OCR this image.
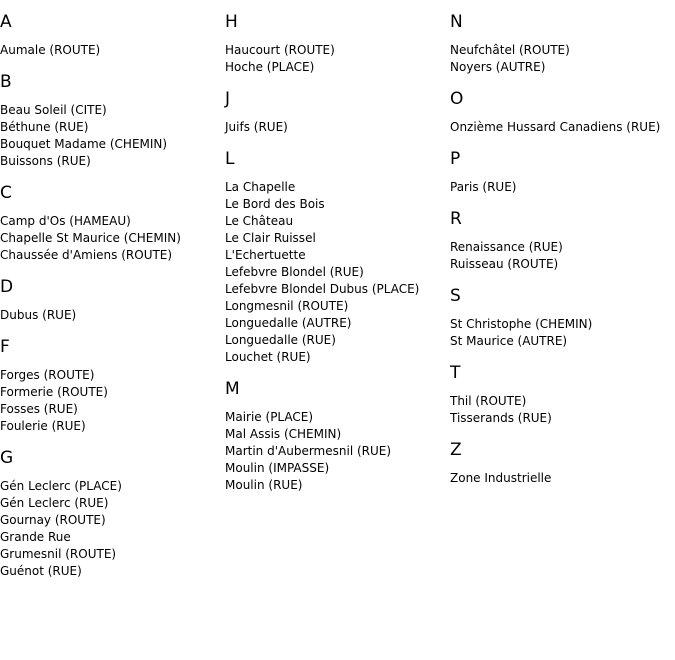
A
Aumale (ROUTE)
B
Beau Soleil (CITE)
Béthune (RUE)
Bouquet Madame (CHEMIN)
Buissons (RUE)
C
Camp d'Os (HAMEAU)
Chapelle St Maurice (CHEMIN)
Chaussée d'Amiens (ROUTE)
D
Dubus (RUE)
F
Forges (ROUTE)
Formerie (ROUTE)
Fosses (RUE)
Foulerie (RUE)
G
Gén Leclerc (PLACE)
Gén Leclerc (RUE)
Gournay (ROUTE)
Grande Rue
Grumesnil (ROUTE)
Guénot (RUE)
H
Haucourt (ROUTE)
Hoche (PLACE)
J
Juifs (RUE)
L
La Chapelle
Le Bord des Bois
Le Château
Le Clair Ruissel
L'Echertuette
Lefebvre Blondel (RUE)
Lefebvre Blondel Dubus (PLACE)
Longmesnil (ROUTE)
Longuedalle (AUTRE)
Longuedalle (RUE)
Louchet (RUE)
M
Mairie (PLACE)
Mal Assis (CHEMIN)
Martin d'Aubermesnil (RUE)
Moulin (IMPASSE)
Moulin (RUE)
N
Neufchâtel (ROUTE)
Noyers (AUTRE)
O
Onzième Hussard Canadiens (RUE)
P
Paris (RUE)
R
Renaissance (RUE)
Ruisseau (ROUTE)
S
St Christophe (CHEMIN)
St Maurice (AUTRE)
T
Thil (ROUTE)
Tisserands (RUE)
Z
Zone Industrielle
